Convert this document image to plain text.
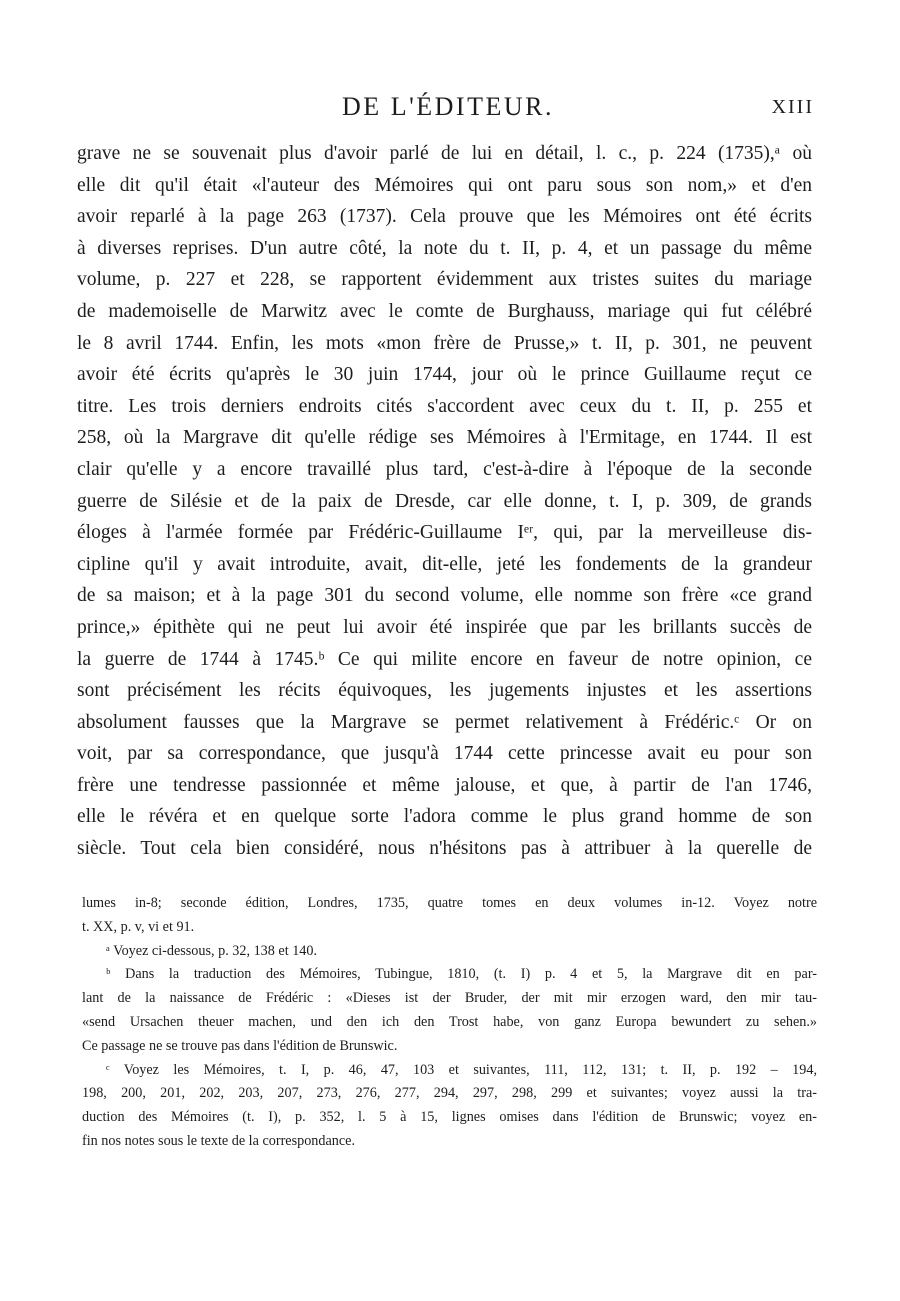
DE L'ÉDITEUR.	XIII
grave ne se souvenait plus d'avoir parlé de lui en détail, l. c., p. 224 (1735),ᵃ où
elle dit qu'il était «l'auteur des Mémoires qui ont paru sous son nom,» et d'en
avoir reparlé à la page 263 (1737). Cela prouve que les Mémoires ont été écrits
à diverses reprises. D'un autre côté, la note du t. II, p. 4, et un passage du même
volume, p. 227 et 228, se rapportent évidemment aux tristes suites du mariage
de mademoiselle de Marwitz avec le comte de Burghauss, mariage qui fut célébré
le 8 avril 1744. Enfin, les mots «mon frère de Prusse,» t. II, p. 301, ne peuvent
avoir été écrits qu'après le 30 juin 1744, jour où le prince Guillaume reçut ce
titre. Les trois derniers endroits cités s'accordent avec ceux du t. II, p. 255 et
258, où la Margrave dit qu'elle rédige ses Mémoires à l'Ermitage, en 1744. Il est
clair qu'elle y a encore travaillé plus tard, c'est-à-dire à l'époque de la seconde
guerre de Silésie et de la paix de Dresde, car elle donne, t. I, p. 309, de grands
éloges à l'armée formée par Frédéric-Guillaume Iᵉʳ, qui, par la merveilleuse dis-
cipline qu'il y avait introduite, avait, dit-elle, jeté les fondements de la grandeur
de sa maison; et à la page 301 du second volume, elle nomme son frère «ce grand
prince,» épithète qui ne peut lui avoir été inspirée que par les brillants succès de
la guerre de 1744 à 1745.ᵇ Ce qui milite encore en faveur de notre opinion, ce
sont précisément les récits équivoques, les jugements injustes et les assertions
absolument fausses que la Margrave se permet relativement à Frédéric.ᶜ Or on
voit, par sa correspondance, que jusqu'à 1744 cette princesse avait eu pour son
frère une tendresse passionnée et même jalouse, et que, à partir de l'an 1746,
elle le révéra et en quelque sorte l'adora comme le plus grand homme de son
siècle. Tout cela bien considéré, nous n'hésitons pas à attribuer à la querelle de
lumes in-8; seconde édition, Londres, 1735, quatre tomes en deux volumes in-12. Voyez notre
t. XX, p. v, vi et 91.
ᵃ Voyez ci-dessous, p. 32, 138 et 140.
ᵇ Dans la traduction des Mémoires, Tubingue, 1810, (t. I) p. 4 et 5, la Margrave dit en par-
lant de la naissance de Frédéric : «Dieses ist der Bruder, der mit mir erzogen ward, den mir tau-
«send Ursachen theuer machen, und den ich den Trost habe, von ganz Europa bewundert zu sehen.»
Ce passage ne se trouve pas dans l'édition de Brunswic.
ᶜ Voyez les Mémoires, t. I, p. 46, 47, 103 et suivantes, 111, 112, 131; t. II, p. 192 – 194,
198, 200, 201, 202, 203, 207, 273, 276, 277, 294, 297, 298, 299 et suivantes; voyez aussi la tra-
duction des Mémoires (t. I), p. 352, l. 5 à 15, lignes omises dans l'édition de Brunswic; voyez en-
fin nos notes sous le texte de la correspondance.
